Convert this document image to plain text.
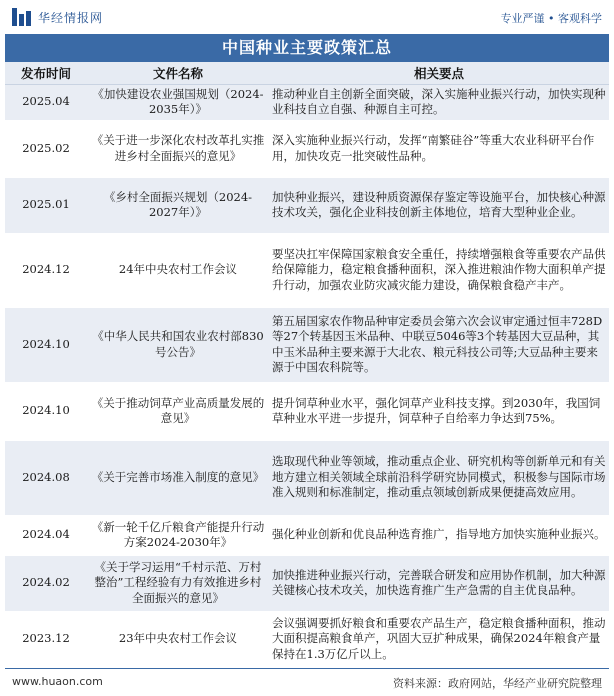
华经情报网	专业严谨 • 客观科学
中国种业主要政策汇总
发布时间	文件名称	相关要点
2025.04	《加快建设农业强国规划（2024-2035年）》	推动种业自主创新全面突破，深入实施种业振兴行动，加快实现种业科技自立自强、种源自主可控。
2025.02	《关于进一步深化农村改革扎实推进乡村全面振兴的意见》	深入实施种业振兴行动，发挥“南繁硅谷”等重大农业科研平台作用，加快攻克一批突破性品种。
2025.01	《乡村全面振兴规划（2024-2027年）》	加快种业振兴，建设种质资源保存鉴定等设施平台，加快核心种源技术攻关，强化企业科技创新主体地位，培育大型种业企业。
2024.12	24年中央农村工作会议	要坚决扛牢保障国家粮食安全重任，持续增强粮食等重要农产品供给保障能力，稳定粮食播种面积，深入推进粮油作物大面积单产提升行动，加强农业防灾减灾能力建设，确保粮食稳产丰产。
2024.10	《中华人民共和国农业农村部830号公告》	第五届国家农作物品种审定委员会第六次会议审定通过恒丰728D等27个转基因玉米品种、中联豆5046等3个转基因大豆品种，其中玉米品种主要来源于大北农、粮元科技公司等;大豆品种主要来源于中国农科院等。
2024.10	《关于推动饲草产业高质量发展的意见》	提升饲草种业水平，强化饲草产业科技支撑。到2030年，我国饲草种业水平进一步提升，饲草种子自给率力争达到75%。
2024.08	《关于完善市场准入制度的意见》	选取现代种业等领域，推动重点企业、研究机构等创新单元和有关地方建立相关领域全球前沿科学研究协同模式，积极参与国际市场准入规则和标准制定，推动重点领域创新成果便捷高效应用。
2024.04	《新一轮千亿斤粮食产能提升行动方案2024-2030年》	强化种业创新和优良品种选育推广，指导地方加快实施种业振兴。
2024.02	《关于学习运用“千村示范、万村整治”工程经验有力有效推进乡村全面振兴的意见》	加快推进种业振兴行动，完善联合研发和应用协作机制，加大种源关键核心技术攻关，加快选育推广生产急需的自主优良品种。
2023.12	23年中央农村工作会议	会议强调要抓好粮食和重要农产品生产，稳定粮食播种面积，推动大面积提高粮食单产，巩固大豆扩种成果，确保2024年粮食产量保持在1.3万亿斤以上。
www.huaon.com	资料来源：政府网站，华经产业研究院整理
